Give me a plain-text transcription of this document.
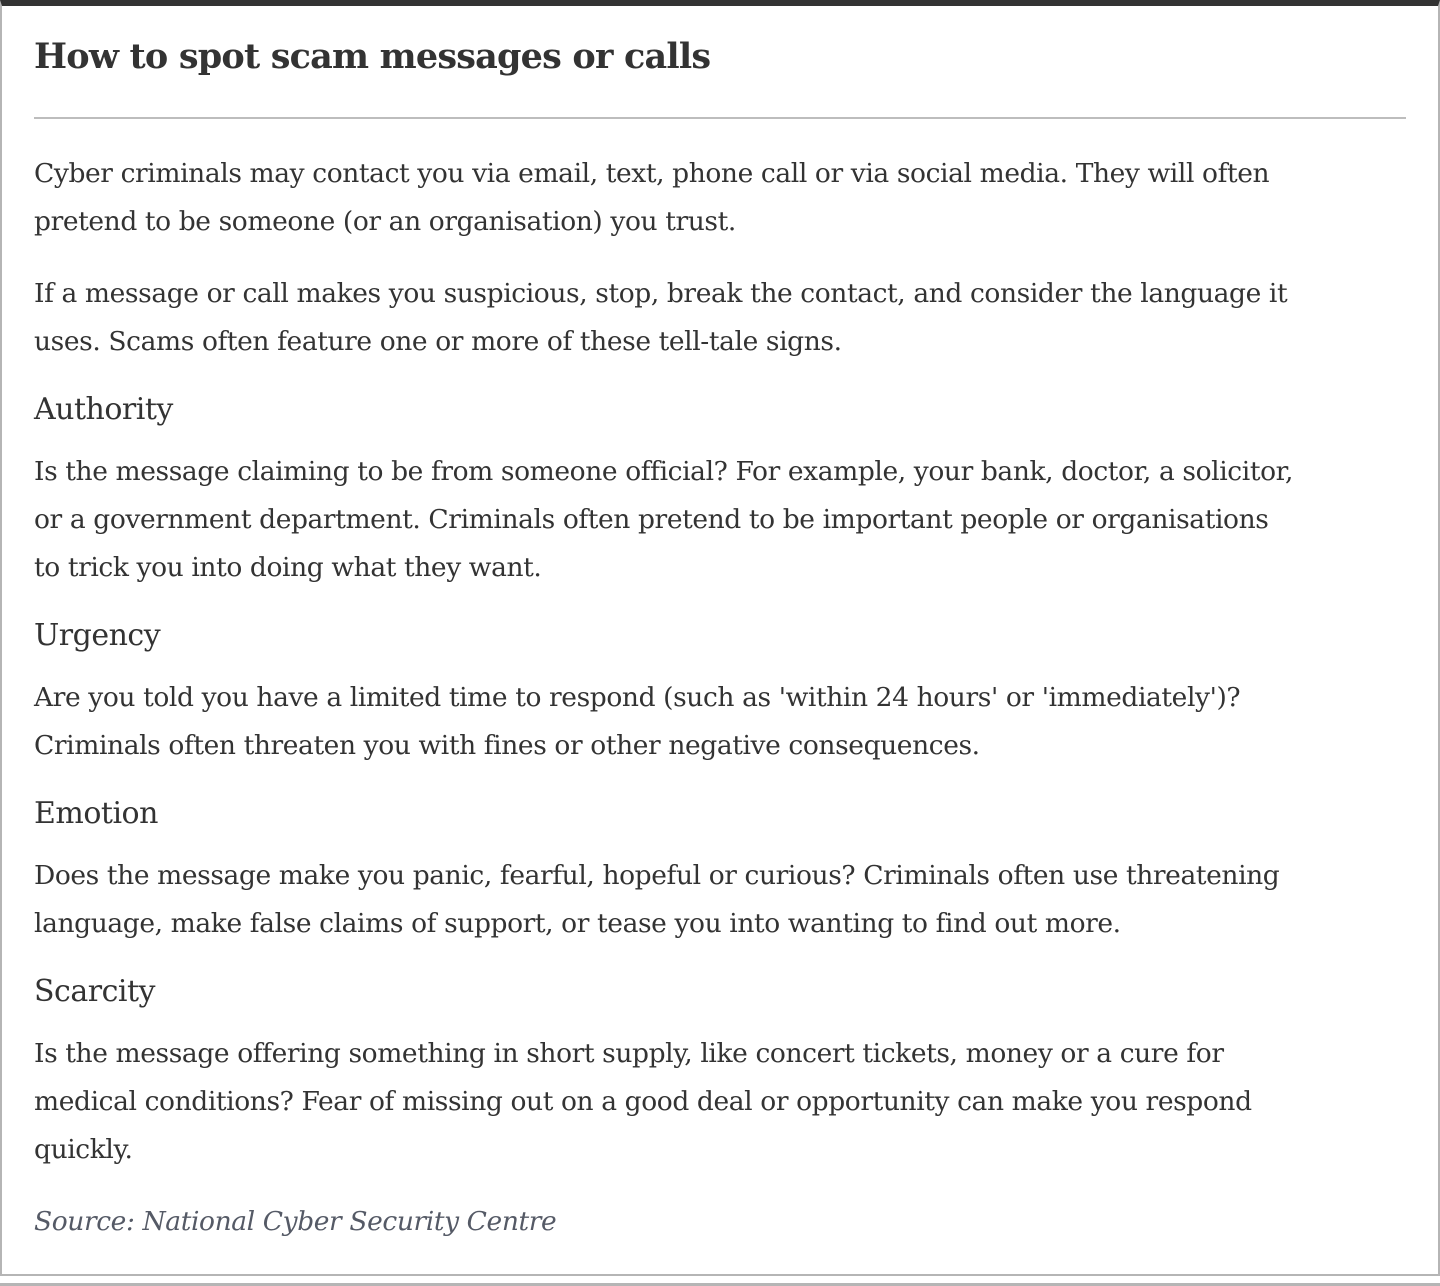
How to spot scam messages or calls

Cyber criminals may contact you via email, text, phone call or via social media. They will often
pretend to be someone (or an organisation) you trust.

If a message or call makes you suspicious, stop, break the contact, and consider the language it
uses. Scams often feature one or more of these tell-tale signs.

Authority

Is the message claiming to be from someone official? For example, your bank, doctor, a solicitor,
or a government department. Criminals often pretend to be important people or organisations
to trick you into doing what they want.

Urgency

Are you told you have a limited time to respond (such as 'within 24 hours' or 'immediately')?
Criminals often threaten you with fines or other negative consequences.

Emotion

Does the message make you panic, fearful, hopeful or curious? Criminals often use threatening
language, make false claims of support, or tease you into wanting to find out more.

Scarcity

Is the message offering something in short supply, like concert tickets, money or a cure for
medical conditions? Fear of missing out on a good deal or opportunity can make you respond
quickly.

Source: National Cyber Security Centre
